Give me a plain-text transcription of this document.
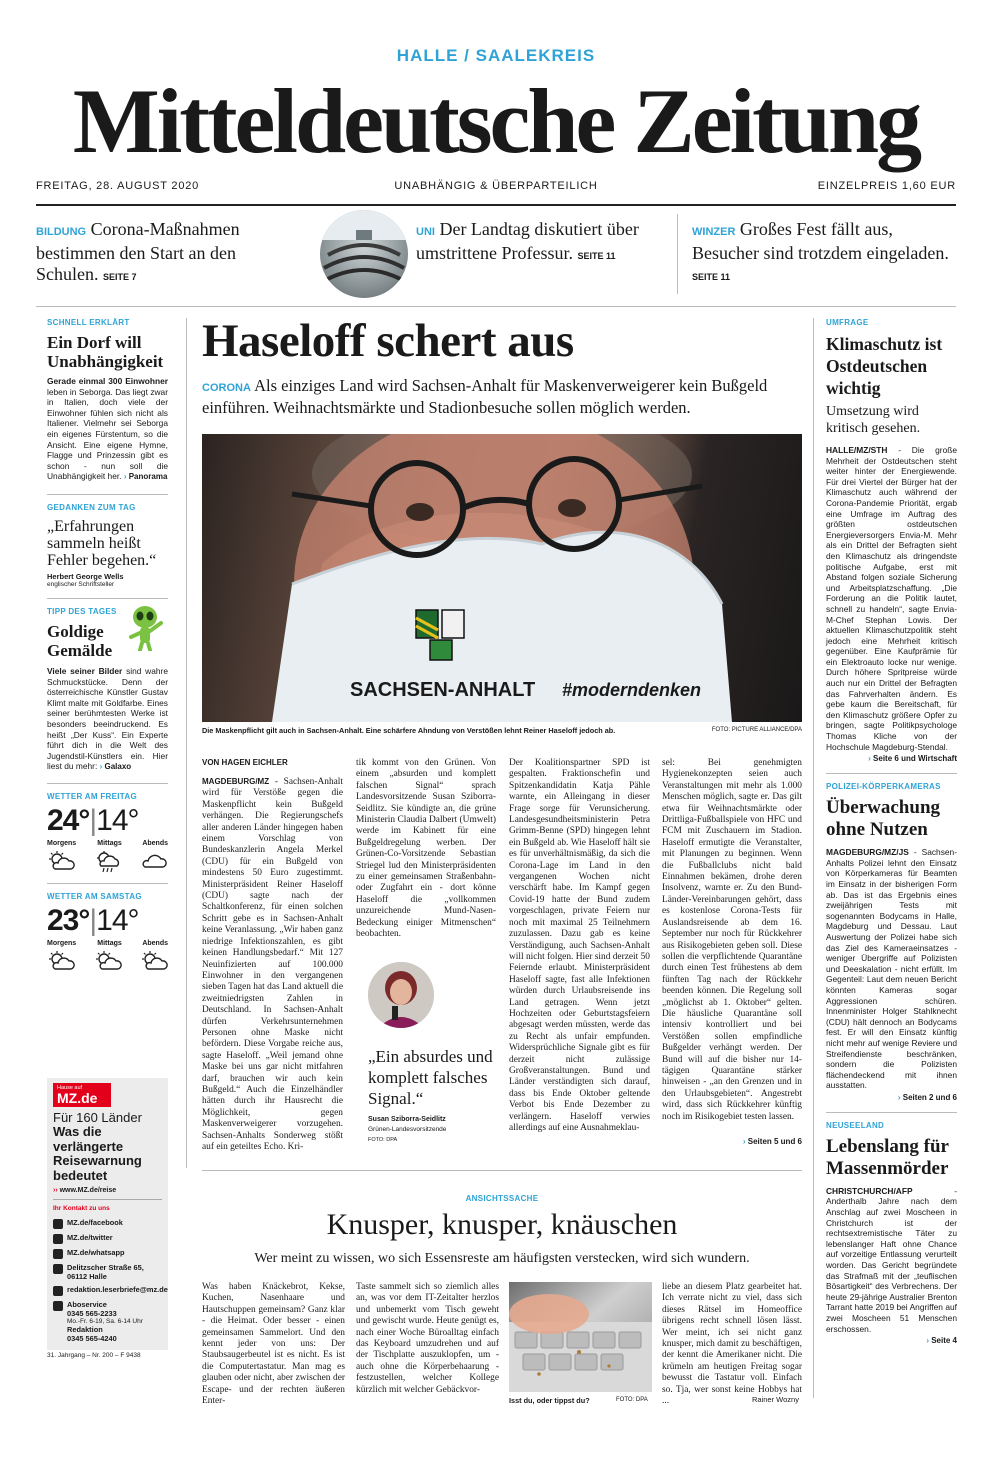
HALLE / SAALEKREIS
Mitteldeutsche Zeitung
FREITAG, 28. AUGUST 2020	UNABHÄNGIG & ÜBERPARTEILICH	EINZELPREIS 1,60 EUR
BILDUNG Corona-Maßnahmen bestimmen den Start an den Schulen. SEITE 7
UNI Der Landtag diskutiert über umstrittene Professur. SEITE 11
WINZER Großes Fest fällt aus, Besucher sind trotzdem eingeladen. SEITE 11
SCHNELL ERKLÄRT
Ein Dorf will Unabhängigkeit
Gerade einmal 300 Einwohner leben in Seborga. Das liegt zwar in Italien, doch viele der Einwohner fühlen sich nicht als Italiener. Vielmehr sei Seborga ein eigenes Fürstentum, so die Ansicht. Eine eigene Hymne, Flagge und Prinzessin gibt es schon - nun soll die Unabhängigkeit her. › Panorama
GEDANKEN ZUM TAG
„Erfahrungen sammeln heißt Fehler begehen.“
Herbert George Wells
englischer Schriftsteller
TIPP DES TAGES
Goldige Gemälde
Viele seiner Bilder sind wahre Schmuckstücke. Denn der österreichische Künstler Gustav Klimt malte mit Goldfarbe. Eines seiner berühmtesten Werke ist besonders beeindruckend. Es heißt „Der Kuss“. Ein Experte führt dich in die Welt des Jugendstil-Künstlers ein. Hier liest du mehr: › Galaxo
WETTER AM FREITAG
24°|14°
Morgens	Mittags	Abends
WETTER AM SAMSTAG
23°|14°
Morgens	Mittags	Abends
Hause auf
MZ.de
Für 160 Länder
Was die verlängerte Reisewarnung bedeutet
›› www.MZ.de/reise
Ihr Kontakt zu uns
MZ.de/facebook
MZ.de/twitter
MZ.de/whatsapp
Delitzscher Straße 65, 06112 Halle
redaktion.leserbriefe@mz.de
Aboservice
0345 565-2233
Mo.-Fr. 6-19, Sa. 6-14 Uhr
Redaktion
0345 565-4240
31. Jahrgang – Nr. 200 – F 9438
Haseloff schert aus
CORONA Als einziges Land wird Sachsen-Anhalt für Maskenverweigerer kein Bußgeld einführen. Weihnachtsmärkte und Stadionbesuche sollen möglich werden.
SACHSEN-ANHALT #moderndenken
Die Maskenpflicht gilt auch in Sachsen-Anhalt. Eine schärfere Ahndung von Verstößen lehnt Reiner Haseloff jedoch ab.	FOTO: PICTURE ALLIANCE/DPA
VON HAGEN EICHLER
MAGDEBURG/MZ - Sachsen-Anhalt wird für Verstöße gegen die Maskenpflicht kein Bußgeld verhängen. Die Regierungschefs aller anderen Länder hingegen haben einem Vorschlag von Bundeskanzlerin Angela Merkel (CDU) für ein Bußgeld von mindestens 50 Euro zugestimmt. Ministerpräsident Reiner Haseloff (CDU) sagte nach der Schaltkonferenz, für einen solchen Schritt gebe es in Sachsen-Anhalt keine Veranlassung. „Wir haben ganz niedrige Infektionszahlen, es gibt keinen Handlungsbedarf.“ Mit 127 Neuinfizierten auf 100.000 Einwohner in den vergangenen sieben Tagen hat das Land aktuell die zweitniedrigsten Zahlen in Deutschland. In Sachsen-Anhalt dürfen Verkehrsunternehmen Personen ohne Maske nicht befördern. Diese Vorgabe reiche aus, sagte Haseloff. „Weil jemand ohne Maske bei uns gar nicht mitfahren darf, brauchen wir auch kein Bußgeld.“ Auch die Einzelhändler hätten durch ihr Hausrecht die Möglichkeit, gegen Maskenverweigerer vorzugehen. Sachsen-Anhalts Sonderweg stößt auf ein geteiltes Echo. Kri-
tik kommt von den Grünen. Von einem „absurden und komplett falschen Signal“ sprach Landesvorsitzende Susan Sziborra-Seidlitz. Sie kündigte an, die grüne Ministerin Claudia Dalbert (Umwelt) werde im Kabinett für eine Bußgeldregelung werben. Der Grünen-Co-Vorsitzende Sebastian Striegel lud den Ministerpräsidenten zu einer gemeinsamen Straßenbahn- oder Zugfahrt ein - dort könne Haseloff die „vollkommen unzureichende Mund-Nasen-Bedeckung einiger Mitmenschen“ beobachten.
„Ein absurdes und komplett falsches Signal.“
Susan Sziborra-Seidlitz
Grünen-Landesvorsitzende
FOTO: DPA
Der Koalitionspartner SPD ist gespalten. Fraktionschefin und Spitzenkandidatin Katja Pähle warnte, ein Alleingang in dieser Frage sorge für Verunsicherung. Landesgesundheitsministerin Petra Grimm-Benne (SPD) hingegen lehnt ein Bußgeld ab. Wie Haseloff hält sie es für unverhältnismäßig, da sich die Corona-Lage im Land in den vergangenen Wochen nicht verschärft habe. Im Kampf gegen Covid-19 hatte der Bund zudem vorgeschlagen, private Feiern nur noch mit maximal 25 Teilnehmern zuzulassen. Dazu gab es keine Verständigung, auch Sachsen-Anhalt will nicht folgen. Hier sind derzeit 50 Feiernde erlaubt. Ministerpräsident Haseloff sagte, fast alle Infektionen würden durch Urlaubsreisende ins Land getragen. Wenn jetzt Hochzeiten oder Geburtstagsfeiern abgesagt werden müssten, werde das zu Recht als unfair empfunden. Widersprüchliche Signale gibt es für derzeit nicht zulässige Großveranstaltungen. Bund und Länder verständigten sich darauf, dass bis Ende Oktober geltende Verbot bis Ende Dezember zu verlängern. Haseloff verwies allerdings auf eine Ausnahmeklau-
sel: Bei genehmigten Hygienekonzepten seien auch Veranstaltungen mit mehr als 1.000 Menschen möglich, sagte er. Das gilt etwa für Weihnachtsmärkte oder Drittliga-Fußballspiele von HFC und FCM mit Zuschauern im Stadion. Haseloff ermutigte die Veranstalter, mit Planungen zu beginnen. Wenn die Fußballclubs nicht bald Einnahmen bekämen, drohe deren Insolvenz, warnte er. Zu den Bund-Länder-Vereinbarungen gehört, dass es kostenlose Corona-Tests für Auslandsreisende ab dem 16. September nur noch für Rückkehrer aus Risikogebieten geben soll. Diese sollen die verpflichtende Quarantäne durch einen Test frühestens ab dem fünften Tag nach der Rückkehr beenden können. Die Regelung soll „möglichst ab 1. Oktober“ gelten. Die häusliche Quarantäne soll intensiv kontrolliert und bei Verstößen sollen empfindliche Bußgelder verhängt werden. Der Bund will auf die bisher nur 14-tägigen Quarantäne stärker hinweisen - „an den Grenzen und in den Urlaubsgebieten“. Angestrebt wird, dass sich Rückkehrer künftig noch im Risikogebiet testen lassen.
› Seiten 5 und 6
ANSICHTSSACHE
Knusper, knusper, knäuschen
Wer meint zu wissen, wo sich Essensreste am häufigsten verstecken, wird sich wundern.
Was haben Knäckebrot, Kekse, Kuchen, Nasenhaare und Hautschuppen gemeinsam? Ganz klar - die Heimat. Oder besser - einen gemeinsamen Sammelort. Und den kennt jeder von uns: Der Staubsaugerbeutel ist es nicht. Es ist die Computertastatur. Man mag es glauben oder nicht, aber zwischen der Escape- und der rechten äußeren Enter-
Taste sammelt sich so ziemlich alles an, was vor dem IT-Zeitalter herzlos und unbemerkt vom Tisch geweht und gewischt wurde. Heute genügt es, nach einer Woche Büroalltag einfach das Keyboard umzudrehen und auf der Tischplatte auszuklopfen, um - auch ohne die Körperbehaarung - festzustellen, welcher Kollege kürzlich mit welcher Gebäckvor-
Isst du, oder tippst du?	FOTO: DPA
liebe an diesem Platz gearbeitet hat. Ich verrate nicht zu viel, dass sich dieses Rätsel im Homeoffice übrigens recht schnell lösen lässt. Wer meint, ich sei nicht ganz knusper, mich damit zu beschäftigen, der kennt die Amerikaner nicht. Die krümeln am heutigen Freitag sogar bewusst die Tastatur voll. Einfach so. Tja, wer sonst keine Hobbys hat ...	Rainer Wozny
UMFRAGE
Klimaschutz ist Ostdeutschen wichtig
Umsetzung wird kritisch gesehen.
HALLE/MZ/STH - Die große Mehrheit der Ostdeutschen steht weiter hinter der Energiewende. Für drei Viertel der Bürger hat der Klimaschutz auch während der Corona-Pandemie Priorität, ergab eine Umfrage im Auftrag des größten ostdeutschen Energieversorgers Envia-M. Mehr als ein Drittel der Befragten sieht den Klimaschutz als dringendste politische Aufgabe, erst mit Abstand folgen soziale Sicherung und Arbeitsplatzschaffung. „Die Forderung an die Politik lautet, schnell zu handeln“, sagte Envia-M-Chef Stephan Lowis. Der aktuellen Klimaschutzpolitik steht jedoch eine Mehrheit kritisch gegenüber. Eine Kaufprämie für ein Elektroauto locke nur wenige. Durch höhere Spritpreise würde auch nur ein Drittel der Befragten das Fahrverhalten ändern. Es gebe kaum die Bereitschaft, für den Klimaschutz größere Opfer zu bringen, sagte Politikpsychologe Thomas Kliche von der Hochschule Magdeburg-Stendal.
› Seite 6 und Wirtschaft
POLIZEI-KÖRPERKAMERAS
Überwachung ohne Nutzen
MAGDEBURG/MZ/JS - Sachsen-Anhalts Polizei lehnt den Einsatz von Körperkameras für Beamten im Einsatz in der bisherigen Form ab. Das ist das Ergebnis eines zweijährigen Tests mit sogenannten Bodycams in Halle, Magdeburg und Dessau. Laut Auswertung der Polizei habe sich das Ziel des Kameraeinsatzes - weniger Übergriffe auf Polizisten und Deeskalation - nicht erfüllt. Im Gegenteil: Laut dem neuen Bericht könnten Kameras sogar Aggressionen schüren. Innenminister Holger Stahlknecht (CDU) hält dennoch an Bodycams fest. Er will den Einsatz künftig nicht mehr auf wenige Reviere und Streifendienste beschränken, sondern die Polizisten flächendeckend mit ihnen ausstatten.
› Seiten 2 und 6
NEUSEELAND
Lebenslang für Massenmörder
CHRISTCHURCH/AFP - Anderthalb Jahre nach dem Anschlag auf zwei Moscheen in Christchurch ist der rechtsextremistische Täter zu lebenslanger Haft ohne Chance auf vorzeitige Entlassung verurteilt worden. Das Gericht begründete das Strafmaß mit der „teuflischen Bösartigkeit“ des Verbrechens. Der heute 29-jährige Australier Brenton Tarrant hatte 2019 bei Angriffen auf zwei Moscheen 51 Menschen erschossen.
› Seite 4
